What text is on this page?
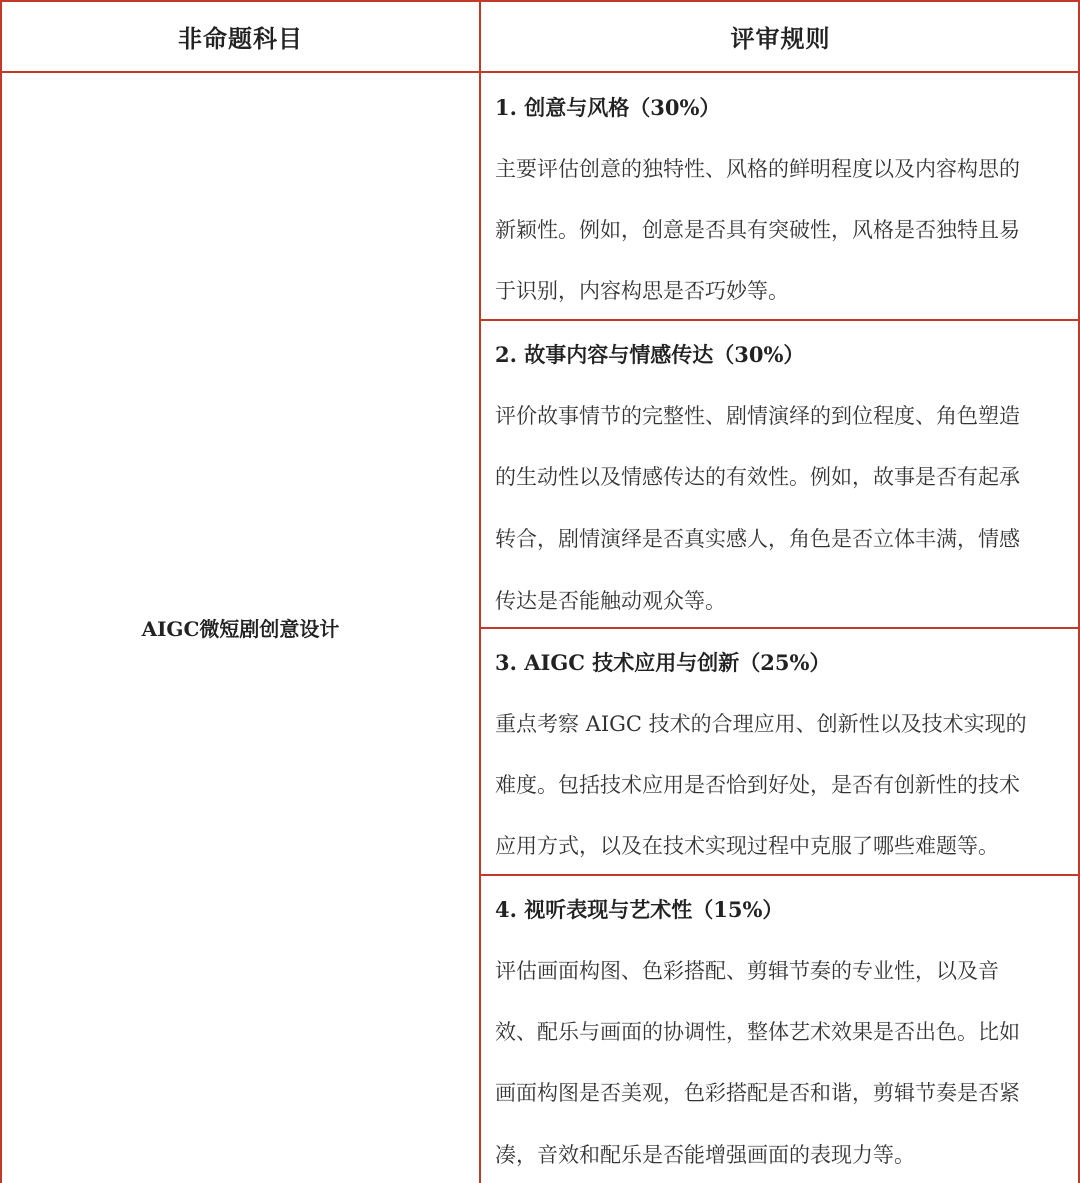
非命题科目	评审规则
AIGC微短剧创意设计
1. 创意与风格（30%）
主要评估创意的独特性、风格的鲜明程度以及内容构思的
新颖性。例如，创意是否具有突破性，风格是否独特且易
于识别，内容构思是否巧妙等。
2. 故事内容与情感传达（30%）
评价故事情节的完整性、剧情演绎的到位程度、角色塑造
的生动性以及情感传达的有效性。例如，故事是否有起承
转合，剧情演绎是否真实感人，角色是否立体丰满，情感
传达是否能触动观众等。
3. AIGC 技术应用与创新（25%）
重点考察 AIGC 技术的合理应用、创新性以及技术实现的
难度。包括技术应用是否恰到好处，是否有创新性的技术
应用方式，以及在技术实现过程中克服了哪些难题等。
4. 视听表现与艺术性（15%）
评估画面构图、色彩搭配、剪辑节奏的专业性，以及音
效、配乐与画面的协调性，整体艺术效果是否出色。比如
画面构图是否美观，色彩搭配是否和谐，剪辑节奏是否紧
凑，音效和配乐是否能增强画面的表现力等。
